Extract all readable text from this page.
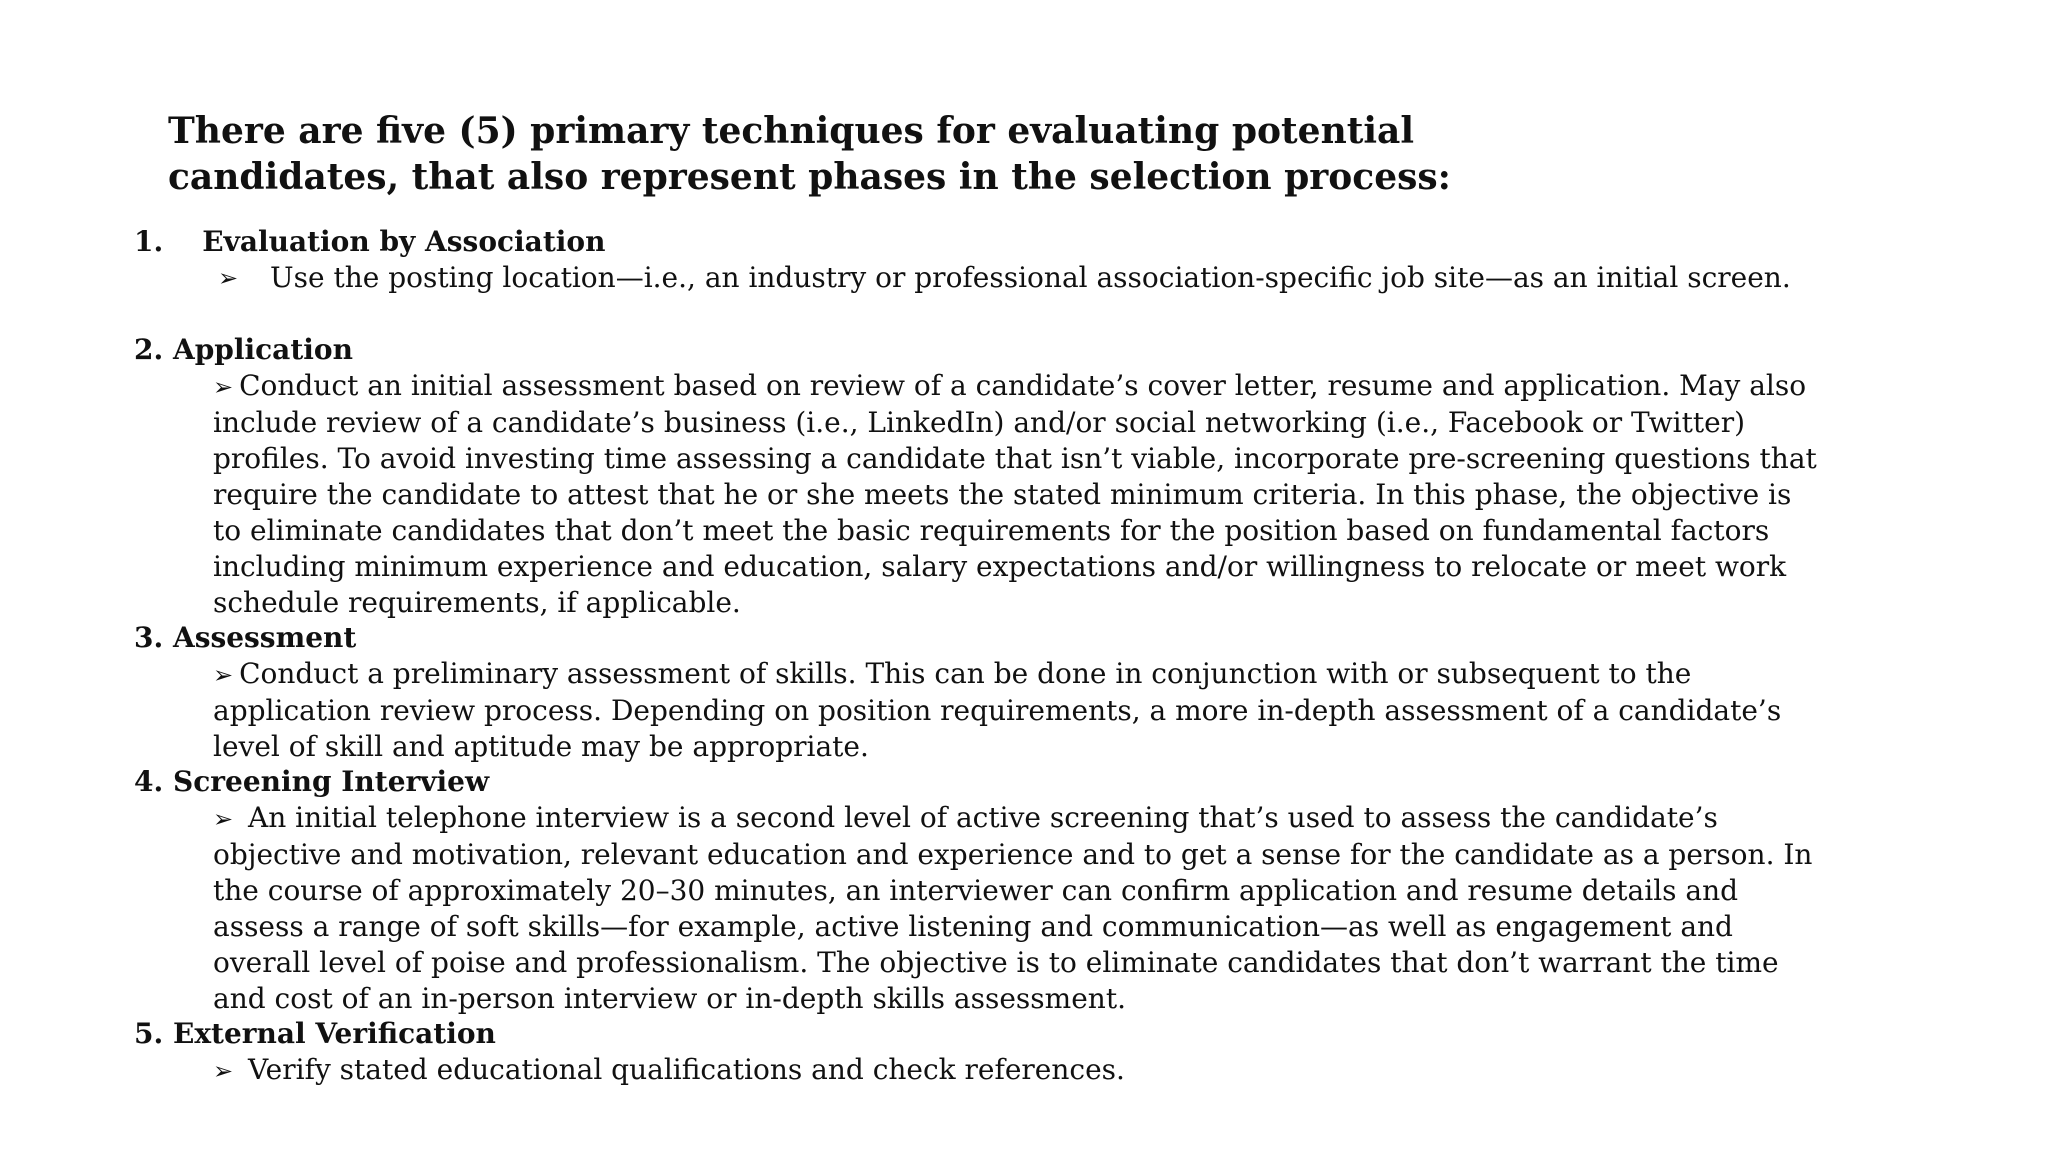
There are five (5) primary techniques for evaluating potential
candidates, that also represent phases in the selection process:

1.    Evaluation by Association

➢ Use the posting location—i.e., an industry or professional association-specific job site—as an initial screen.

2. Application

➢ Conduct an initial assessment based on review of a candidate’s cover letter, resume and application. May also include review of a candidate’s business (i.e., LinkedIn) and/or social networking (i.e., Facebook or Twitter) profiles. To avoid investing time assessing a candidate that isn’t viable, incorporate pre-screening questions that require the candidate to attest that he or she meets the stated minimum criteria. In this phase, the objective is to eliminate candidates that don’t meet the basic requirements for the position based on fundamental factors including minimum experience and education, salary expectations and/or willingness to relocate or meet work schedule requirements, if applicable.

3. Assessment

➢ Conduct a preliminary assessment of skills. This can be done in conjunction with or subsequent to the application review process. Depending on position requirements, a more in-depth assessment of a candidate’s level of skill and aptitude may be appropriate.

4. Screening Interview

➢ An initial telephone interview is a second level of active screening that’s used to assess the candidate’s objective and motivation, relevant education and experience and to get a sense for the candidate as a person. In the course of approximately 20–30 minutes, an interviewer can confirm application and resume details and assess a range of soft skills—for example, active listening and communication—as well as engagement and overall level of poise and professionalism. The objective is to eliminate candidates that don’t warrant the time and cost of an in-person interview or in-depth skills assessment.

5. External Verification

➢ Verify stated educational qualifications and check references.
